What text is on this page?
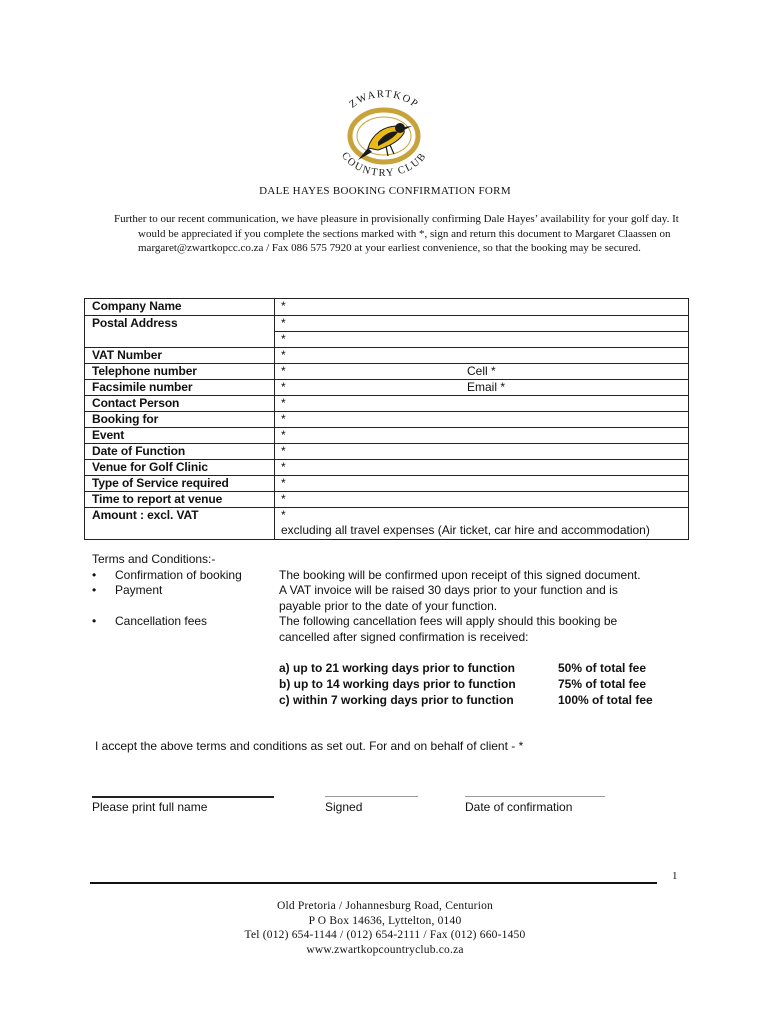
ZWARTKOP
COUNTRY CLUB
DALE HAYES BOOKING CONFIRMATION FORM

Further to our recent communication, we have pleasure in provisionally confirming Dale Hayes’ availability for your golf day. It would be appreciated if you complete the sections marked with *, sign and return this document to Margaret Claassen on margaret@zwartkopcc.co.za / Fax 086 575 7920 at your earliest convenience, so that the booking may be secured.

Company Name	*
Postal Address	*
*
VAT Number	*
Telephone number	*	Cell *
Facsimile number	*	Email *
Contact Person	*
Booking for	*
Event	*
Date of Function	*
Venue for Golf Clinic	*
Type of Service required	*
Time to report at venue	*
Amount : excl. VAT	*
excluding all travel expenses (Air ticket, car hire and accommodation)
Terms and Conditions:-
• Confirmation of booking	The booking will be confirmed upon receipt of this signed document.
• Payment	A VAT invoice will be raised 30 days prior to your function and is payable prior to the date of your function.
• Cancellation fees	The following cancellation fees will apply should this booking be cancelled after signed confirmation is received:
a) up to 21 working days prior to function	50% of total fee
b) up to 14 working days prior to function	75% of total fee
c) within 7 working days prior to function	100% of total fee
I accept the above terms and conditions as set out. For and on behalf of client - *
Please print full name	Signed	Date of confirmation
1
Old Pretoria / Johannesburg Road, Centurion
P O Box 14636, Lyttelton, 0140
Tel (012) 654-1144 / (012) 654-2111 / Fax (012) 660-1450
www.zwartkopcountryclub.co.za
